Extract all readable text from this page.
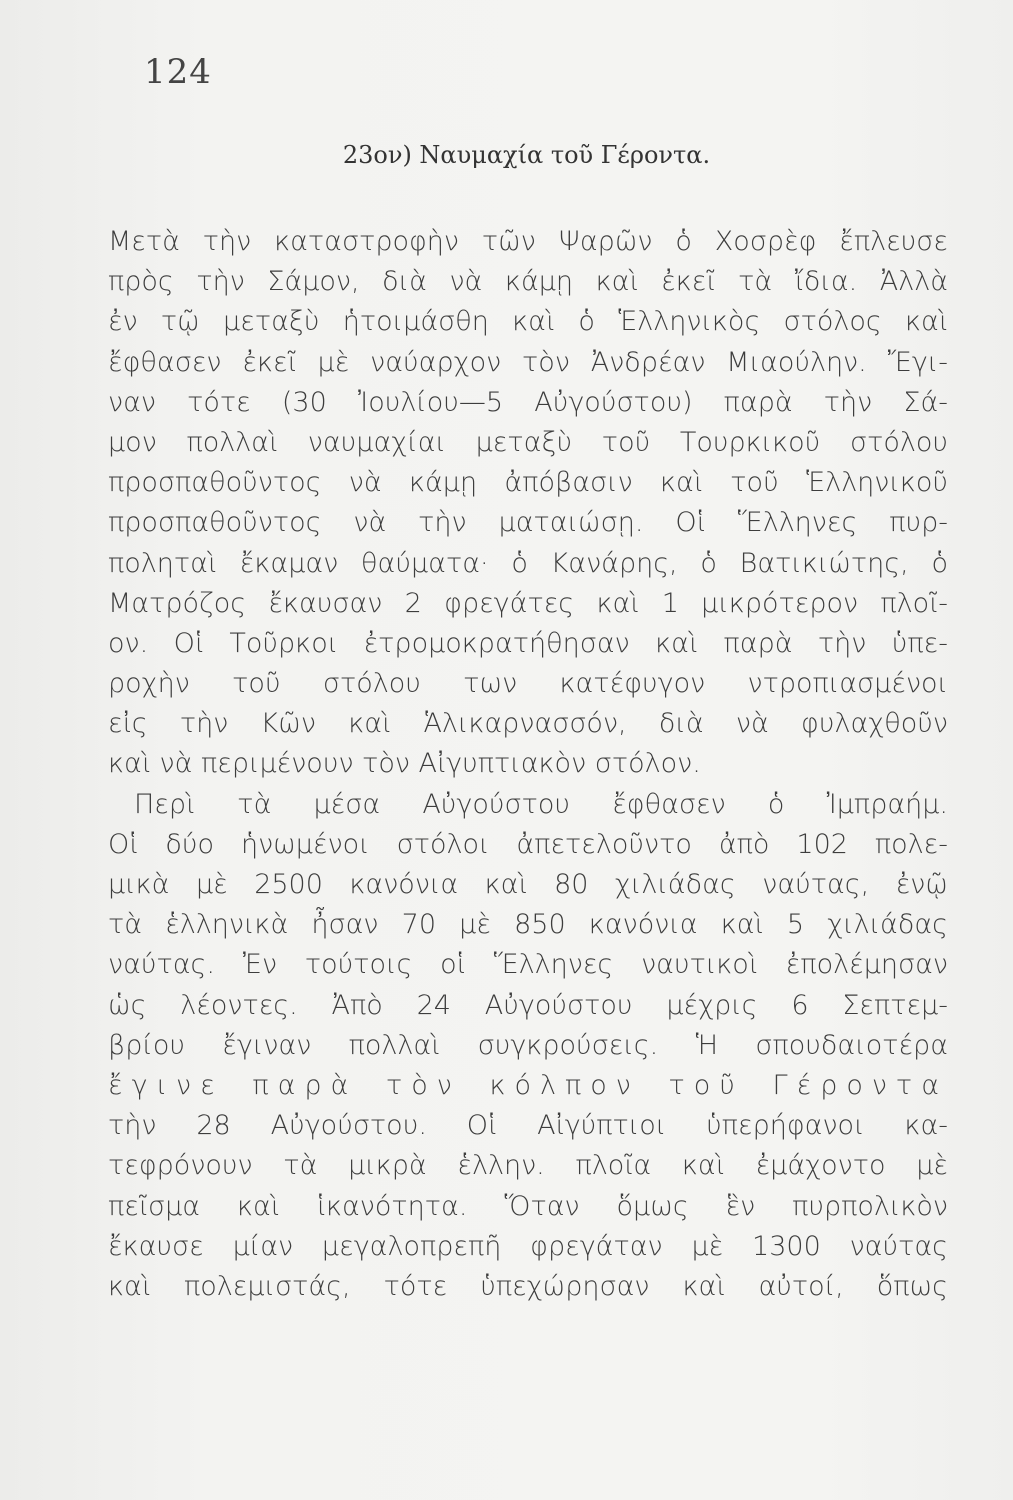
124
23ον) Ναυμαχία τοῦ Γέροντα.
Μετὰ τὴν καταστροφὴν τῶν Ψαρῶν ὁ Χοσρὲφ ἔπλευσε
πρὸς τὴν Σάμον, διὰ νὰ κάμῃ καὶ ἐκεῖ τὰ ἴδια. Ἀλλὰ
ἐν τῷ μεταξὺ ἡτοιμάσθη καὶ ὁ Ἑλληνικὸς στόλος καὶ
ἔφθασεν ἐκεῖ μὲ ναύαρχον τὸν Ἀνδρέαν Μιαούλην. Ἔγι-
ναν τότε (30 Ἰουλίου—5 Αὐγούστου) παρὰ τὴν Σά-
μον πολλαὶ ναυμαχίαι μεταξὺ τοῦ Τουρκικοῦ στόλου
προσπαθοῦντος νὰ κάμῃ ἀπόβασιν καὶ τοῦ Ἑλληνικοῦ
προσπαθοῦντος νὰ τὴν ματαιώσῃ. Οἱ Ἕλληνες πυρ-
ποληταὶ ἔκαμαν θαύματα· ὁ Κανάρης, ὁ Βατικιώτης, ὁ
Ματρόζος ἔκαυσαν 2 φρεγάτες καὶ 1 μικρότερον πλοῖ-
ον. Οἱ Τοῦρκοι ἐτρομοκρατήθησαν καὶ παρὰ τὴν ὑπε-
ροχὴν τοῦ στόλου των κατέφυγον ντροπιασμένοι
εἰς τὴν Κῶν καὶ Ἁλικαρνασσόν, διὰ νὰ φυλαχθοῦν
καὶ νὰ περιμένουν τὸν Αἰγυπτιακὸν στόλον.
Περὶ τὰ μέσα Αὐγούστου ἔφθασεν ὁ Ἰμπραήμ.
Οἱ δύο ἡνωμένοι στόλοι ἀπετελοῦντο ἀπὸ 102 πολε-
μικὰ μὲ 2500 κανόνια καὶ 80 χιλιάδας ναύτας, ἐνῷ
τὰ ἑλληνικὰ ἦσαν 70 μὲ 850 κανόνια καὶ 5 χιλιάδας
ναύτας. Ἐν τούτοις οἱ Ἕλληνες ναυτικοὶ ἐπολέμησαν
ὡς λέοντες. Ἀπὸ 24 Αὐγούστου μέχρις 6 Σεπτεμ-
βρίου ἔγιναν πολλαὶ συγκρούσεις. Ἡ σπουδαιοτέρα
ἔγινε παρὰ τὸν κόλπον τοῦ Γέροντα
τὴν 28 Αὐγούστου. Οἱ Αἰγύπτιοι ὑπερήφανοι κα-
τεφρόνουν τὰ μικρὰ ἑλλην. πλοῖα καὶ ἐμάχοντο μὲ
πεῖσμα καὶ ἱκανότητα. Ὅταν ὅμως ἓν πυρπολικὸν
ἔκαυσε μίαν μεγαλοπρεπῆ φρεγάταν μὲ 1300 ναύτας
καὶ πολεμιστάς, τότε ὑπεχώρησαν καὶ αὐτοί, ὅπως
